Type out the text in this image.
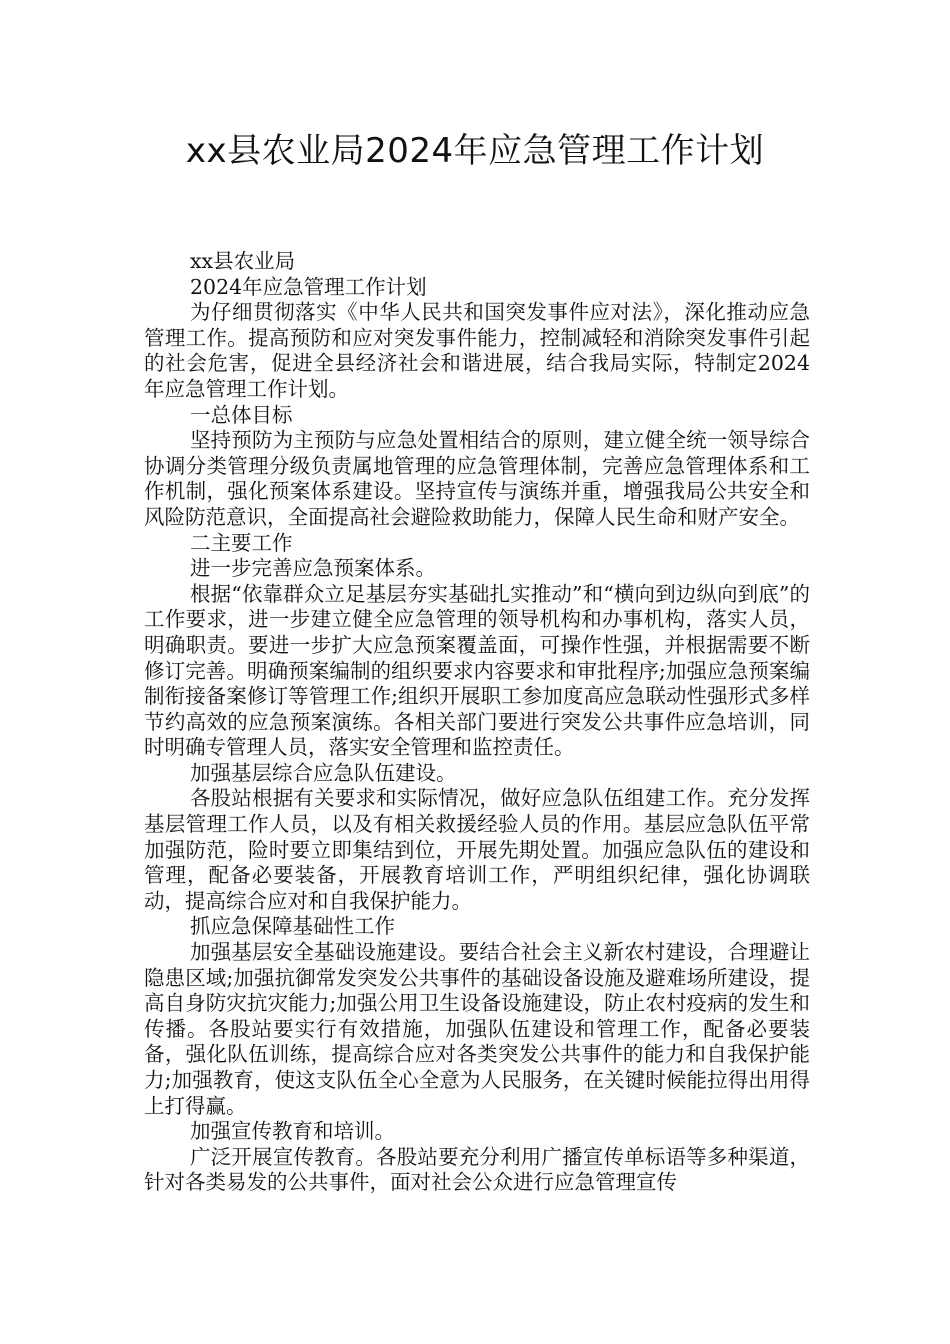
xx县农业局2024年应急管理工作计划

xx县农业局

2024年应急管理工作计划

为仔细贯彻落实《中华人民共和国突发事件应对法》，深化推动应急管理工作。提高预防和应对突发事件能力，控制减轻和消除突发事件引起的社会危害，促进全县经济社会和谐进展，结合我局实际，特制定2024年应急管理工作计划。

一总体目标

坚持预防为主预防与应急处置相结合的原则，建立健全统一领导综合协调分类管理分级负责属地管理的应急管理体制，完善应急管理体系和工作机制，强化预案体系建设。坚持宣传与演练并重，增强我局公共安全和风险防范意识，全面提高社会避险救助能力，保障人民生命和财产安全。

二主要工作

进一步完善应急预案体系。

根据“依靠群众立足基层夯实基础扎实推动”和“横向到边纵向到底”的工作要求，进一步建立健全应急管理的领导机构和办事机构，落实人员，明确职责。要进一步扩大应急预案覆盖面，可操作性强，并根据需要不断修订完善。明确预案编制的组织要求内容要求和审批程序;加强应急预案编制衔接备案修订等管理工作;组织开展职工参加度高应急联动性强形式多样节约高效的应急预案演练。各相关部门要进行突发公共事件应急培训，同时明确专管理人员，落实安全管理和监控责任。

加强基层综合应急队伍建设。

各股站根据有关要求和实际情况，做好应急队伍组建工作。充分发挥基层管理工作人员，以及有相关救援经验人员的作用。基层应急队伍平常加强防范，险时要立即集结到位，开展先期处置。加强应急队伍的建设和管理，配备必要装备，开展教育培训工作，严明组织纪律，强化协调联动，提高综合应对和自我保护能力。

抓应急保障基础性工作

加强基层安全基础设施建设。要结合社会主义新农村建设，合理避让隐患区域;加强抗御常发突发公共事件的基础设备设施及避难场所建设，提高自身防灾抗灾能力;加强公用卫生设备设施建设，防止农村疫病的发生和传播。各股站要实行有效措施，加强队伍建设和管理工作，配备必要装备，强化队伍训练，提高综合应对各类突发公共事件的能力和自我保护能力;加强教育，使这支队伍全心全意为人民服务，在关键时候能拉得出用得上打得赢。

加强宣传教育和培训。

广泛开展宣传教育。各股站要充分利用广播宣传单标语等多种渠道，针对各类易发的公共事件，面对社会公众进行应急管理宣传
